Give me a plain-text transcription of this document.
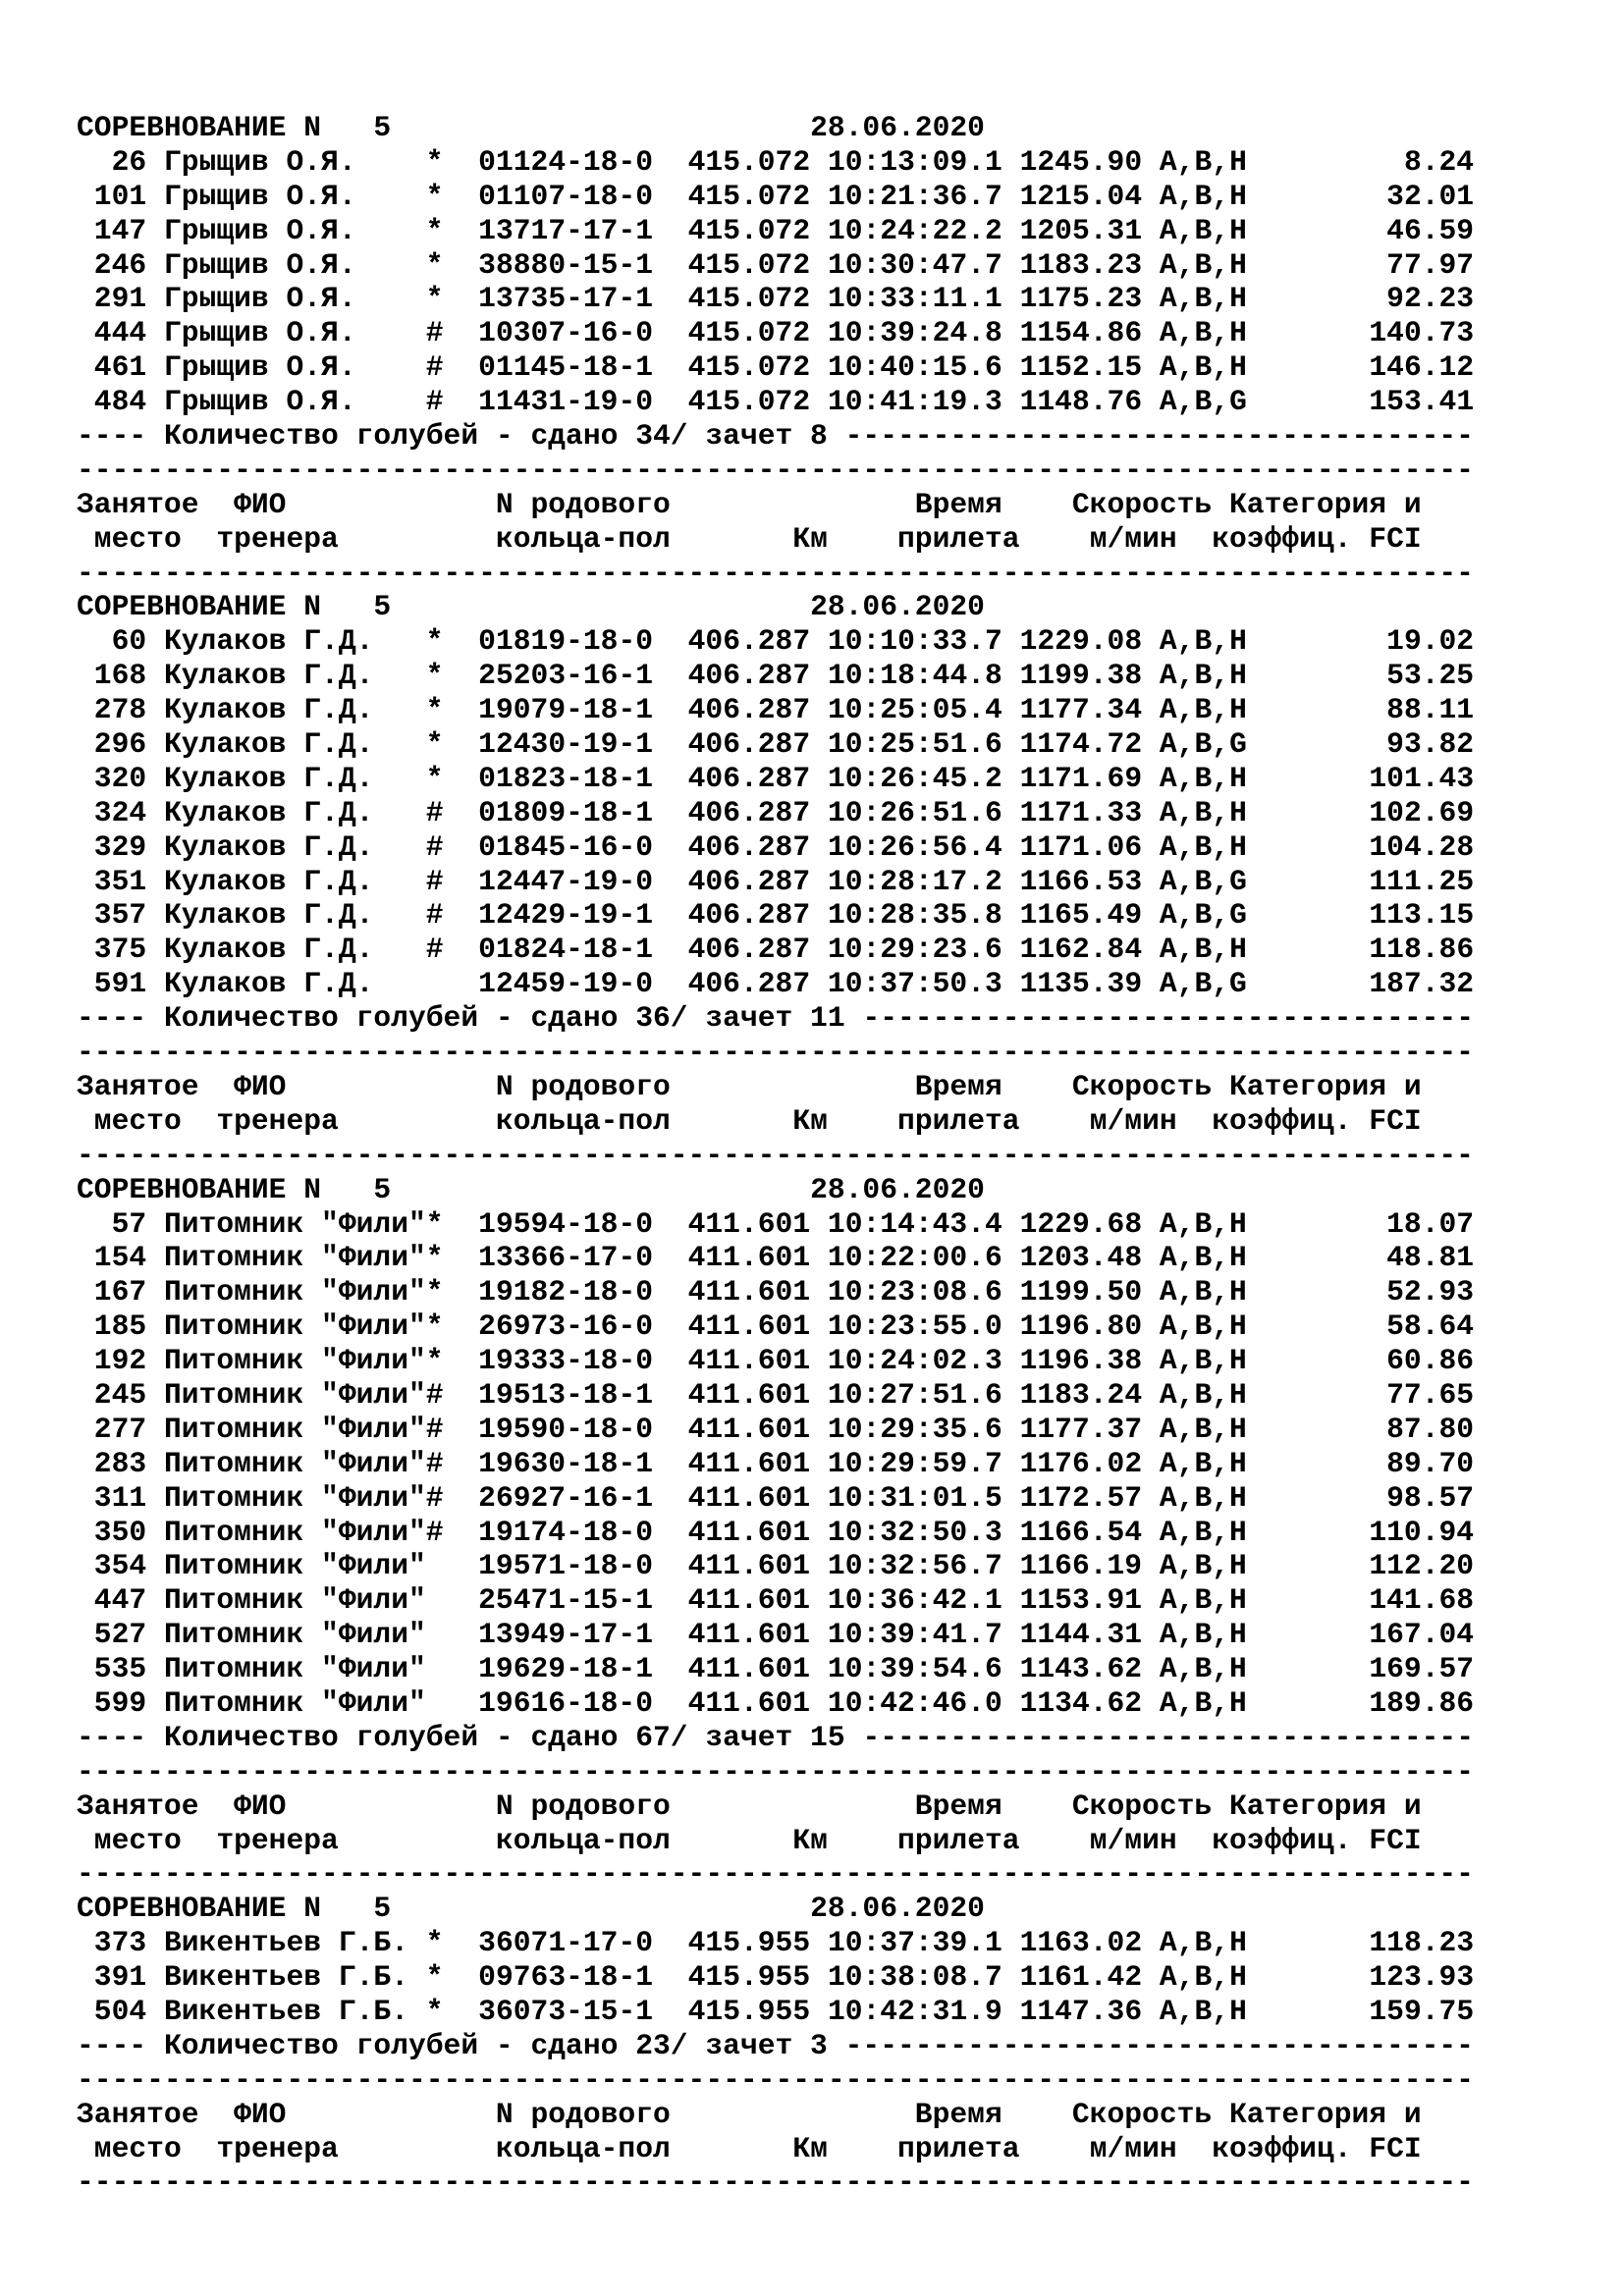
СОРЕВНОВАНИЕ N 5	28.06.2020
26 Грыщив О.Я. * 01124-18-0 415.072 10:13:09.1 1245.90 A,B,H	8.24
101 Грыщив О.Я. * 01107-18-0 415.072 10:21:36.7 1215.04 A,B,H	32.01
147 Грыщив О.Я. * 13717-17-1 415.072 10:24:22.2 1205.31 A,B,H	46.59
246 Грыщив О.Я. * 38880-15-1 415.072 10:30:47.7 1183.23 A,B,H	77.97
291 Грыщив О.Я. * 13735-17-1 415.072 10:33:11.1 1175.23 A,B,H	92.23
444 Грыщив О.Я. # 10307-16-0 415.072 10:39:24.8 1154.86 A,B,H	140.73
461 Грыщив О.Я. # 01145-18-1 415.072 10:40:15.6 1152.15 A,B,H	146.12
484 Грыщив О.Я. # 11431-19-0 415.072 10:41:19.3 1148.76 A,B,G	153.41
---- Количество голубей - сдано 34/ зачет 8 ------------------------------------
--------------------------------------------------------------------------------
Занятое ФИО	N родового	Время Скорость Категория и
место тренера	кольца-пол	Км прилета м/мин коэффиц. FCI
--------------------------------------------------------------------------------
СОРЕВНОВАНИЕ N 5	28.06.2020
60 Кулаков Г.Д. * 01819-18-0 406.287 10:10:33.7 1229.08 A,B,H	19.02
168 Кулаков Г.Д. * 25203-16-1 406.287 10:18:44.8 1199.38 A,B,H	53.25
278 Кулаков Г.Д. * 19079-18-1 406.287 10:25:05.4 1177.34 A,B,H	88.11
296 Кулаков Г.Д. * 12430-19-1 406.287 10:25:51.6 1174.72 A,B,G	93.82
320 Кулаков Г.Д. * 01823-18-1 406.287 10:26:45.2 1171.69 A,B,H	101.43
324 Кулаков Г.Д. # 01809-18-1 406.287 10:26:51.6 1171.33 A,B,H	102.69
329 Кулаков Г.Д. # 01845-16-0 406.287 10:26:56.4 1171.06 A,B,H	104.28
351 Кулаков Г.Д. # 12447-19-0 406.287 10:28:17.2 1166.53 A,B,G	111.25
357 Кулаков Г.Д. # 12429-19-1 406.287 10:28:35.8 1165.49 A,B,G	113.15
375 Кулаков Г.Д. # 01824-18-1 406.287 10:29:23.6 1162.84 A,B,H	118.86
591 Кулаков Г.Д.	12459-19-0 406.287 10:37:50.3 1135.39 A,B,G	187.32
---- Количество голубей - сдано 36/ зачет 11 -----------------------------------
--------------------------------------------------------------------------------
Занятое ФИО	N родового	Время Скорость Категория и
место тренера	кольца-пол	Км прилета м/мин коэффиц. FCI
--------------------------------------------------------------------------------
СОРЕВНОВАНИЕ N 5	28.06.2020
57 Питомник "Фили"* 19594-18-0 411.601 10:14:43.4 1229.68 A,B,H	18.07
154 Питомник "Фили"* 13366-17-0 411.601 10:22:00.6 1203.48 A,B,H	48.81
167 Питомник "Фили"* 19182-18-0 411.601 10:23:08.6 1199.50 A,B,H	52.93
185 Питомник "Фили"* 26973-16-0 411.601 10:23:55.0 1196.80 A,B,H	58.64
192 Питомник "Фили"* 19333-18-0 411.601 10:24:02.3 1196.38 A,B,H	60.86
245 Питомник "Фили"# 19513-18-1 411.601 10:27:51.6 1183.24 A,B,H	77.65
277 Питомник "Фили"# 19590-18-0 411.601 10:29:35.6 1177.37 A,B,H	87.80
283 Питомник "Фили"# 19630-18-1 411.601 10:29:59.7 1176.02 A,B,H	89.70
311 Питомник "Фили"# 26927-16-1 411.601 10:31:01.5 1172.57 A,B,H	98.57
350 Питомник "Фили"# 19174-18-0 411.601 10:32:50.3 1166.54 A,B,H	110.94
354 Питомник "Фили" 19571-18-0 411.601 10:32:56.7 1166.19 A,B,H	112.20
447 Питомник "Фили" 25471-15-1 411.601 10:36:42.1 1153.91 A,B,H	141.68
527 Питомник "Фили" 13949-17-1 411.601 10:39:41.7 1144.31 A,B,H	167.04
535 Питомник "Фили" 19629-18-1 411.601 10:39:54.6 1143.62 A,B,H	169.57
599 Питомник "Фили" 19616-18-0 411.601 10:42:46.0 1134.62 A,B,H	189.86
---- Количество голубей - сдано 67/ зачет 15 -----------------------------------
--------------------------------------------------------------------------------
Занятое ФИО	N родового	Время Скорость Категория и
место тренера	кольца-пол	Км прилета м/мин коэффиц. FCI
--------------------------------------------------------------------------------
СОРЕВНОВАНИЕ N 5	28.06.2020
373 Викентьев Г.Б. * 36071-17-0 415.955 10:37:39.1 1163.02 A,B,H	118.23
391 Викентьев Г.Б. * 09763-18-1 415.955 10:38:08.7 1161.42 A,B,H	123.93
504 Викентьев Г.Б. * 36073-15-1 415.955 10:42:31.9 1147.36 A,B,H	159.75
---- Количество голубей - сдано 23/ зачет 3 ------------------------------------
--------------------------------------------------------------------------------
Занятое ФИО	N родового	Время Скорость Категория и
место тренера	кольца-пол	Км прилета м/мин коэффиц. FCI
--------------------------------------------------------------------------------
